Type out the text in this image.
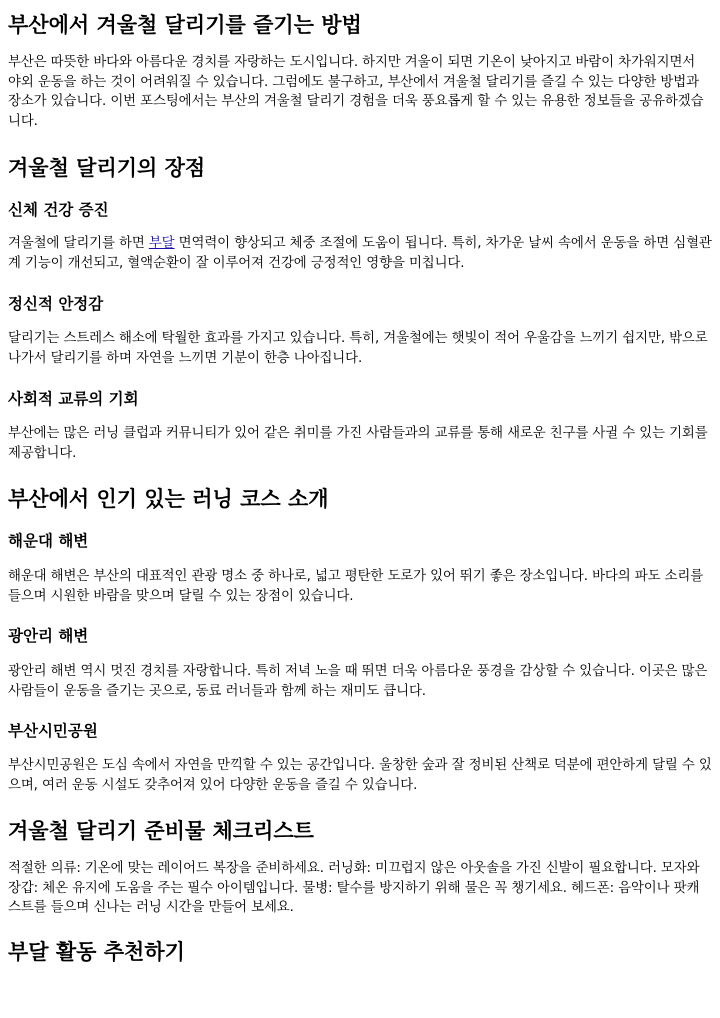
부산에서 겨울철 달리기를 즐기는 방법

부산은 따뜻한 바다와 아름다운 경치를 자랑하는 도시입니다. 하지만 겨울이 되면 기온이 낮아지고 바람이 차가워지면서 야외 운동을 하는 것이 어려워질 수 있습니다. 그럼에도 불구하고, 부산에서 겨울철 달리기를 즐길 수 있는 다양한 방법과 장소가 있습니다. 이번 포스팅에서는 부산의 겨울철 달리기 경험을 더욱 풍요롭게 할 수 있는 유용한 정보들을 공유하겠습니다.

겨울철 달리기의 장점
신체 건강 증진

겨울철에 달리기를 하면 부달 면역력이 향상되고 체중 조절에 도움이 됩니다. 특히, 차가운 날씨 속에서 운동을 하면 심혈관계 기능이 개선되고, 혈액순환이 잘 이루어져 건강에 긍정적인 영향을 미칩니다.

정신적 안정감

달리기는 스트레스 해소에 탁월한 효과를 가지고 있습니다. 특히, 겨울철에는 햇빛이 적어 우울감을 느끼기 쉽지만, 밖으로 나가서 달리기를 하며 자연을 느끼면 기분이 한층 나아집니다.

사회적 교류의 기회

부산에는 많은 러닝 클럽과 커뮤니티가 있어 같은 취미를 가진 사람들과의 교류를 통해 새로운 친구를 사귈 수 있는 기회를 제공합니다.

부산에서 인기 있는 러닝 코스 소개
해운대 해변

해운대 해변은 부산의 대표적인 관광 명소 중 하나로, 넓고 평탄한 도로가 있어 뛰기 좋은 장소입니다. 바다의 파도 소리를 들으며 시원한 바람을 맞으며 달릴 수 있는 장점이 있습니다.

광안리 해변

광안리 해변 역시 멋진 경치를 자랑합니다. 특히 저녁 노을 때 뛰면 더욱 아름다운 풍경을 감상할 수 있습니다. 이곳은 많은 사람들이 운동을 즐기는 곳으로, 동료 러너들과 함께 하는 재미도 큽니다.

부산시민공원

부산시민공원은 도심 속에서 자연을 만끽할 수 있는 공간입니다. 울창한 숲과 잘 정비된 산책로 덕분에 편안하게 달릴 수 있으며, 여러 운동 시설도 갖추어져 있어 다양한 운동을 즐길 수 있습니다.

겨울철 달리기 준비물 체크리스트

적절한 의류: 기온에 맞는 레이어드 복장을 준비하세요. 러닝화: 미끄럽지 않은 아웃솔을 가진 신발이 필요합니다. 모자와 장갑: 체온 유지에 도움을 주는 필수 아이템입니다. 물병: 탈수를 방지하기 위해 물은 꼭 챙기세요. 헤드폰: 음악이나 팟캐스트를 들으며 신나는 러닝 시간을 만들어 보세요.

부달 활동 추천하기
